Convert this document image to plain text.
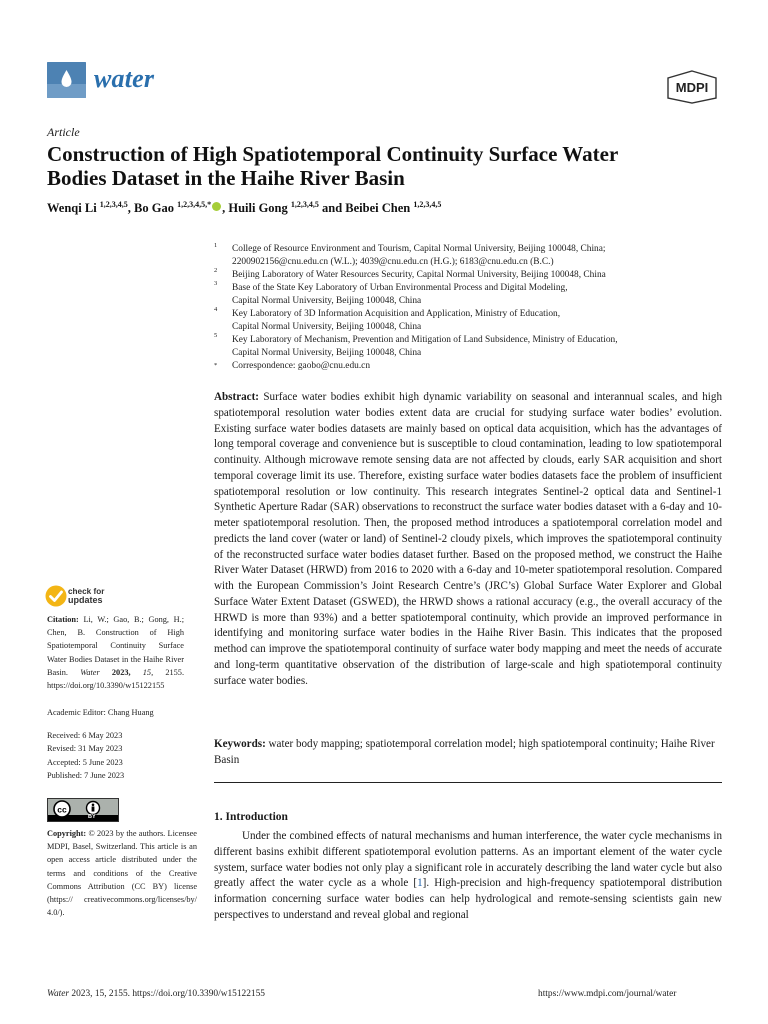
water	MDPI
Article
Construction of High Spatiotemporal Continuity Surface Water
Bodies Dataset in the Haihe River Basin
Wenqi Li $^{1,2,3,4,5}$, Bo Gao $^{1,2,3,4,5,*}$ , Huili Gong $^{1,2,3,4,5}$ and Beibei Chen $^{1,2,3,4,5}$
1 College of Resource Environment and Tourism, Capital Normal University, Beijing 100048, China;
2200902156@cnu.edu.cn (W.L.); 4039@cnu.edu.cn (H.G.); 6183@cnu.edu.cn (B.C.)
2 Beijing Laboratory of Water Resources Security, Capital Normal University, Beijing 100048, China
3 Base of the State Key Laboratory of Urban Environmental Process and Digital Modeling,
Capital Normal University, Beijing 100048, China
4 Key Laboratory of 3D Information Acquisition and Application, Ministry of Education,
Capital Normal University, Beijing 100048, China
5 Key Laboratory of Mechanism, Prevention and Mitigation of Land Subsidence, Ministry of Education,
Capital Normal University, Beijing 100048, China
* Correspondence: gaobo@cnu.edu.cn
Abstract: Surface water bodies exhibit high dynamic variability on seasonal and interannual scales, and high spatiotemporal resolution water bodies extent data are crucial for studying surface water bodies’ evolution. Existing surface water bodies datasets are mainly based on optical data acquisition, which has the advantages of long temporal coverage and convenience but is susceptible to cloud contamination, leading to low spatiotemporal continuity. Although microwave remote sensing data are not affected by clouds, early SAR acquisition and short temporal coverage limit its use. Therefore, existing surface water bodies datasets face the problem of insufficient spatiotemporal resolution or low continuity. This research integrates Sentinel-2 optical data and Sentinel-1 Synthetic Aperture Radar (SAR) observations to reconstruct the surface water bodies dataset with a 6-day and 10-meter spatiotemporal resolution. Then, the proposed method introduces a spatiotemporal correlation model and predicts the land cover (water or land) of Sentinel-2 cloudy pixels, which improves the spatiotemporal continuity of the reconstructed surface water bodies dataset further. Based on the proposed method, we construct the Haihe River Water Dataset (HRWD) from 2016 to 2020 with a 6-day and 10-meter spatiotemporal resolution. Compared with the European Commission’s Joint Research Centre’s (JRC’s) Global Surface Water Explorer and Global Surface Water Extent Dataset (GSWED), the HRWD shows a rational accuracy (e.g., the overall accuracy of the HRWD is more than 93%) and a better spatiotemporal continuity, which provide an improved performance in identifying and monitoring surface water bodies in the Haihe River Basin. This indicates that the proposed method can improve the spatiotemporal continuity of surface water body mapping and meet the needs of accurate and long-term quantitative observation of the distribution of large-scale and high spatiotemporal continuity surface water bodies.
Keywords: water body mapping; spatiotemporal correlation model; high spatiotemporal continuity; Haihe River Basin
check for
updates
Citation: Li, W.; Gao, B.; Gong, H.; Chen, B. Construction of High Spatiotemporal Continuity Surface Water Bodies Dataset in the Haihe River Basin. Water 2023, 15, 2155. https://doi.org/10.3390/w15122155
Academic Editor: Chang Huang
Received: 6 May 2023
Revised: 31 May 2023
Accepted: 5 June 2023
Published: 7 June 2023
cc
BY
Copyright: © 2023 by the authors. Licensee MDPI, Basel, Switzerland. This article is an open access article distributed under the terms and conditions of the Creative Commons Attribution (CC BY) license (https:// creativecommons.org/licenses/by/ 4.0/).
1. Introduction
Under the combined effects of natural mechanisms and human interference, the water cycle mechanisms in different basins exhibit different spatiotemporal evolution patterns. As an important element of the water cycle system, surface water bodies not only play a significant role in accurately describing the land water cycle but also greatly affect the water cycle as a whole [1]. High-precision and high-frequency spatiotemporal distribution information concerning surface water bodies can help hydrological and remote-sensing scientists gain new perspectives to understand and reveal global and regional
Water 2023, 15, 2155. https://doi.org/10.3390/w15122155	https://www.mdpi.com/journal/water
